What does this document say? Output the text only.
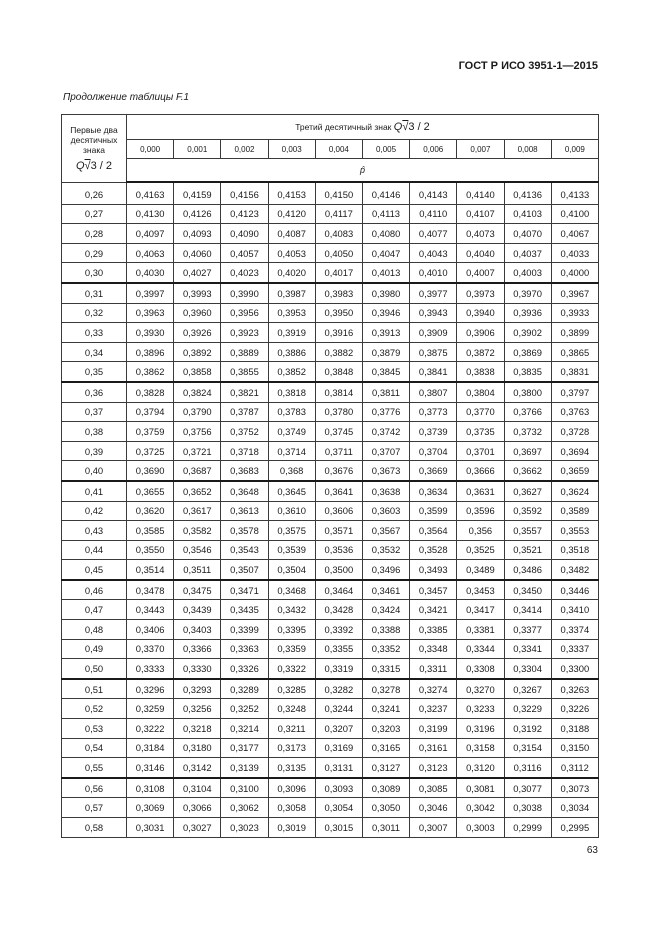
ГОСТ Р ИСО 3951-1—2015
Продолжение таблицы F.1
Первые два десятичных знака
Q√3 / 2	Третий десятичный знак Q√3 / 2									
	0,000	0,001	0,002	0,003	0,004	0,005	0,006	0,007	0,008	0,009
	p̂									
0,26	0,4163	0,4159	0,4156	0,4153	0,4150	0,4146	0,4143	0,4140	0,4136	0,4133
0,27	0,4130	0,4126	0,4123	0,4120	0,4117	0,4113	0,4110	0,4107	0,4103	0,4100
0,28	0,4097	0,4093	0,4090	0,4087	0,4083	0,4080	0,4077	0,4073	0,4070	0,4067
0,29	0,4063	0,4060	0,4057	0,4053	0,4050	0,4047	0,4043	0,4040	0,4037	0,4033
0,30	0,4030	0,4027	0,4023	0,4020	0,4017	0,4013	0,4010	0,4007	0,4003	0,4000
0,31	0,3997	0,3993	0,3990	0,3987	0,3983	0,3980	0,3977	0,3973	0,3970	0,3967
0,32	0,3963	0,3960	0,3956	0,3953	0,3950	0,3946	0,3943	0,3940	0,3936	0,3933
0,33	0,3930	0,3926	0,3923	0,3919	0,3916	0,3913	0,3909	0,3906	0,3902	0,3899
0,34	0,3896	0,3892	0,3889	0,3886	0,3882	0,3879	0,3875	0,3872	0,3869	0,3865
0,35	0,3862	0,3858	0,3855	0,3852	0,3848	0,3845	0,3841	0,3838	0,3835	0,3831
0,36	0,3828	0,3824	0,3821	0,3818	0,3814	0,3811	0,3807	0,3804	0,3800	0,3797
0,37	0,3794	0,3790	0,3787	0,3783	0,3780	0,3776	0,3773	0,3770	0,3766	0,3763
0,38	0,3759	0,3756	0,3752	0,3749	0,3745	0,3742	0,3739	0,3735	0,3732	0,3728
0,39	0,3725	0,3721	0,3718	0,3714	0,3711	0,3707	0,3704	0,3701	0,3697	0,3694
0,40	0,3690	0,3687	0,3683	0,368	0,3676	0,3673	0,3669	0,3666	0,3662	0,3659
0,41	0,3655	0,3652	0,3648	0,3645	0,3641	0,3638	0,3634	0,3631	0,3627	0,3624
0,42	0,3620	0,3617	0,3613	0,3610	0,3606	0,3603	0,3599	0,3596	0,3592	0,3589
0,43	0,3585	0,3582	0,3578	0,3575	0,3571	0,3567	0,3564	0,356	0,3557	0,3553
0,44	0,3550	0,3546	0,3543	0,3539	0,3536	0,3532	0,3528	0,3525	0,3521	0,3518
0,45	0,3514	0,3511	0,3507	0,3504	0,3500	0,3496	0,3493	0,3489	0,3486	0,3482
0,46	0,3478	0,3475	0,3471	0,3468	0,3464	0,3461	0,3457	0,3453	0,3450	0,3446
0,47	0,3443	0,3439	0,3435	0,3432	0,3428	0,3424	0,3421	0,3417	0,3414	0,3410
0,48	0,3406	0,3403	0,3399	0,3395	0,3392	0,3388	0,3385	0,3381	0,3377	0,3374
0,49	0,3370	0,3366	0,3363	0,3359	0,3355	0,3352	0,3348	0,3344	0,3341	0,3337
0,50	0,3333	0,3330	0,3326	0,3322	0,3319	0,3315	0,3311	0,3308	0,3304	0,3300
0,51	0,3296	0,3293	0,3289	0,3285	0,3282	0,3278	0,3274	0,3270	0,3267	0,3263
0,52	0,3259	0,3256	0,3252	0,3248	0,3244	0,3241	0,3237	0,3233	0,3229	0,3226
0,53	0,3222	0,3218	0,3214	0,3211	0,3207	0,3203	0,3199	0,3196	0,3192	0,3188
0,54	0,3184	0,3180	0,3177	0,3173	0,3169	0,3165	0,3161	0,3158	0,3154	0,3150
0,55	0,3146	0,3142	0,3139	0,3135	0,3131	0,3127	0,3123	0,3120	0,3116	0,3112
0,56	0,3108	0,3104	0,3100	0,3096	0,3093	0,3089	0,3085	0,3081	0,3077	0,3073
0,57	0,3069	0,3066	0,3062	0,3058	0,3054	0,3050	0,3046	0,3042	0,3038	0,3034
0,58	0,3031	0,3027	0,3023	0,3019	0,3015	0,3011	0,3007	0,3003	0,2999	0,2995
63
